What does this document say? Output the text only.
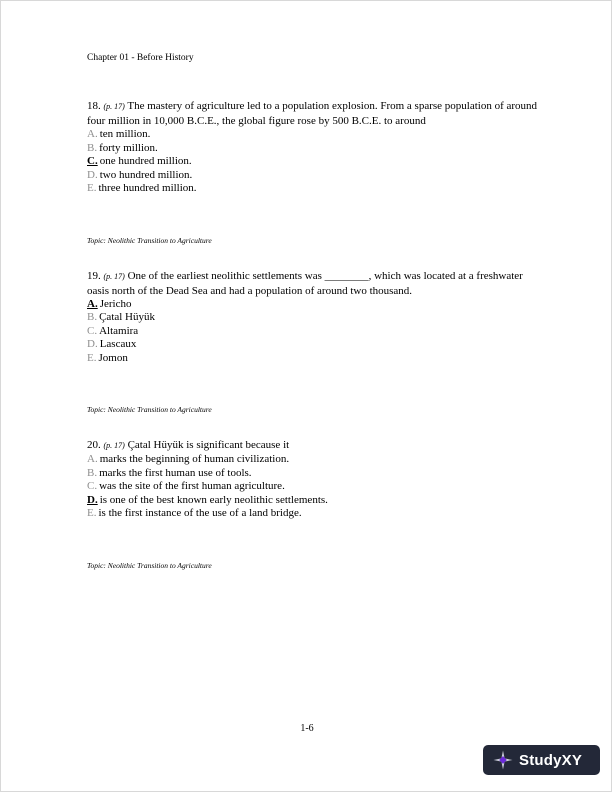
Chapter 01 - Before History

18. (p. 17) The mastery of agriculture led to a population explosion. From a sparse population of around four million in 10,000 B.C.E., the global figure rose by 500 B.C.E. to around

A. ten million.
B. forty million.
C. one hundred million.
D. two hundred million.
E. three hundred million.
Topic: Neolithic Transition to Agriculture

19. (p. 17) One of the earliest neolithic settlements was ________, which was located at a freshwater oasis north of the Dead Sea and had a population of around two thousand.

A. Jericho
B. Çatal Hüyük
C. Altamira
D. Lascaux
E. Jomon
Topic: Neolithic Transition to Agriculture

20. (p. 17) Çatal Hüyük is significant because it

A. marks the beginning of human civilization.
B. marks the first human use of tools.
C. was the site of the first human agriculture.
D. is one of the best known early neolithic settlements.
E. is the first instance of the use of a land bridge.
Topic: Neolithic Transition to Agriculture
1-6
StudyXY
